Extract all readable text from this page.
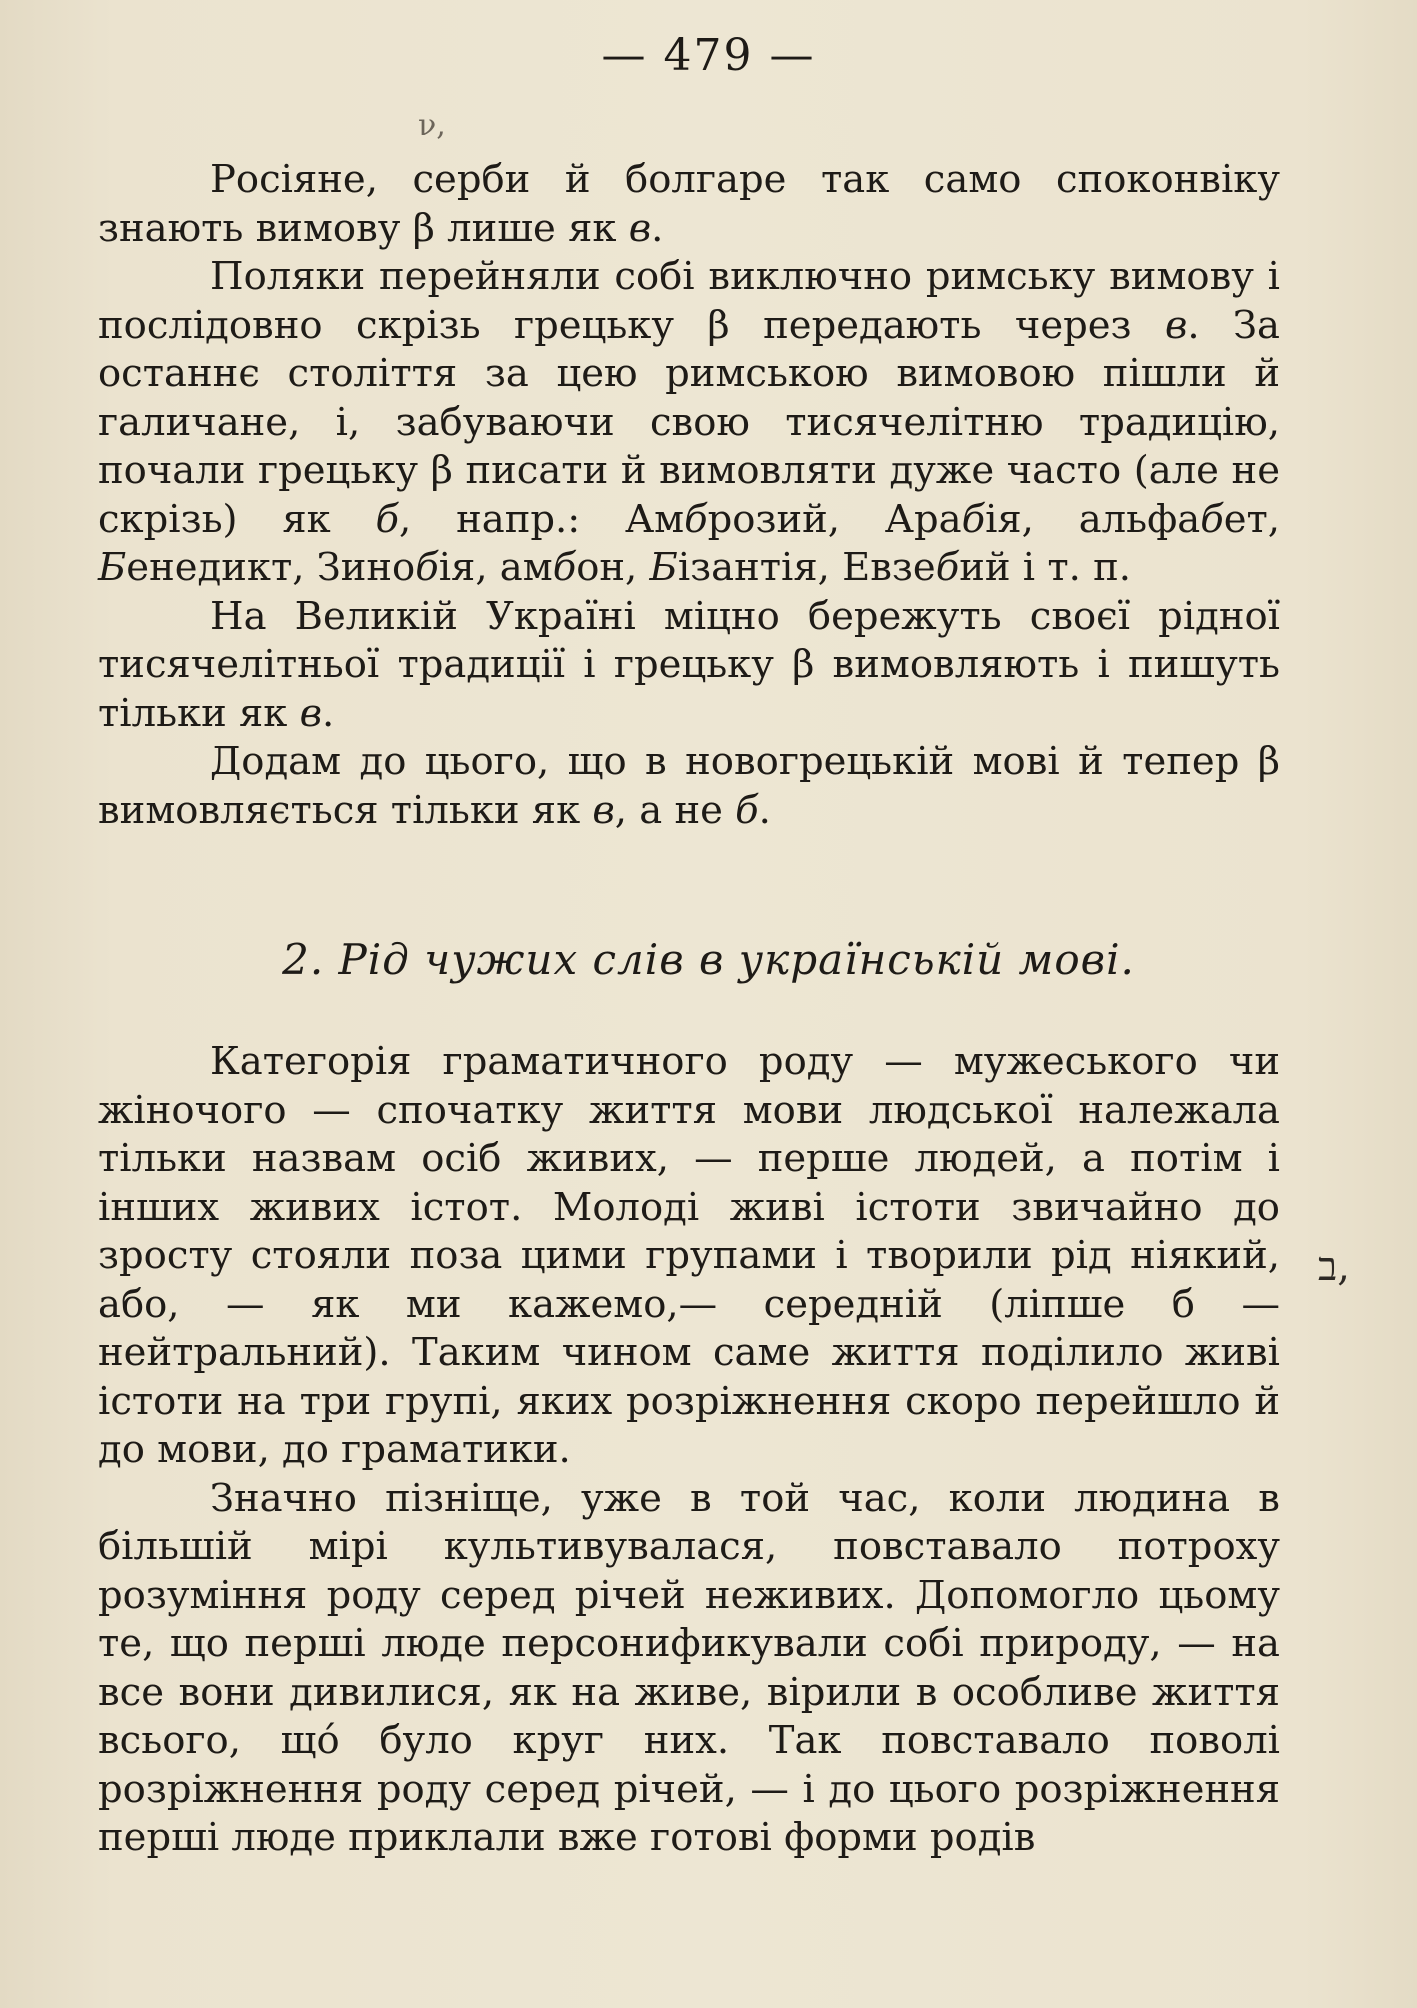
— 479 —
ν,

Росіяне, серби й болгаре так само споконвіку знають вимову β лише як в.

Поляки перейняли собі виключно римську вимову і послідовно скрізь грецьку β передають через в. За останнє століття за цею римською вимовою пішли й галичане, і, забуваючи свою тисячелітню традицію, почали грецьку β писати й вимовляти дуже часто (але не скрізь) як б, напр.: Амброзий, Арабія, альфабет, Бенедикт, Зинобія, амбон, Бізантія, Евзебий і т. п.

На Великій Україні міцно бережуть своєї рідної тисячелітньої традиції і грецьку β вимовляють і пишуть тільки як в.

Додам до цього, що в новогрецькій мові й тепер β вимовляється тільки як в, а не б.

2. Рід чужих слів в українській мові.

Категорія граматичного роду — мужеського чи жіночого — спочатку життя мови людської належала тільки назвам осіб живих, — перше людей, а потім і інших живих істот. Молоді живі істоти звичайно до зросту стояли поза цими групами і творили рід ніякий, або, — як ми кажемо,— середній (ліпше б — нейтральний). Таким чином саме життя поділило живі істоти на три групі, яких розріжнення скоро перейшло й до мови, до граматики.

Значно пізніще, уже в той час, коли людина в більшій мірі культивувалася, повставало потроху розуміння роду серед річей неживих. Допомогло цьому те, що перші люде персонификували собі природу, — на все вони дивилися, як на живе, вірили в особливе життя всього, що́ було круг них. Так повставало поволі розріжнення роду серед річей, — і до цього розріжнення перші люде приклали вже готові форми родів

ב,
